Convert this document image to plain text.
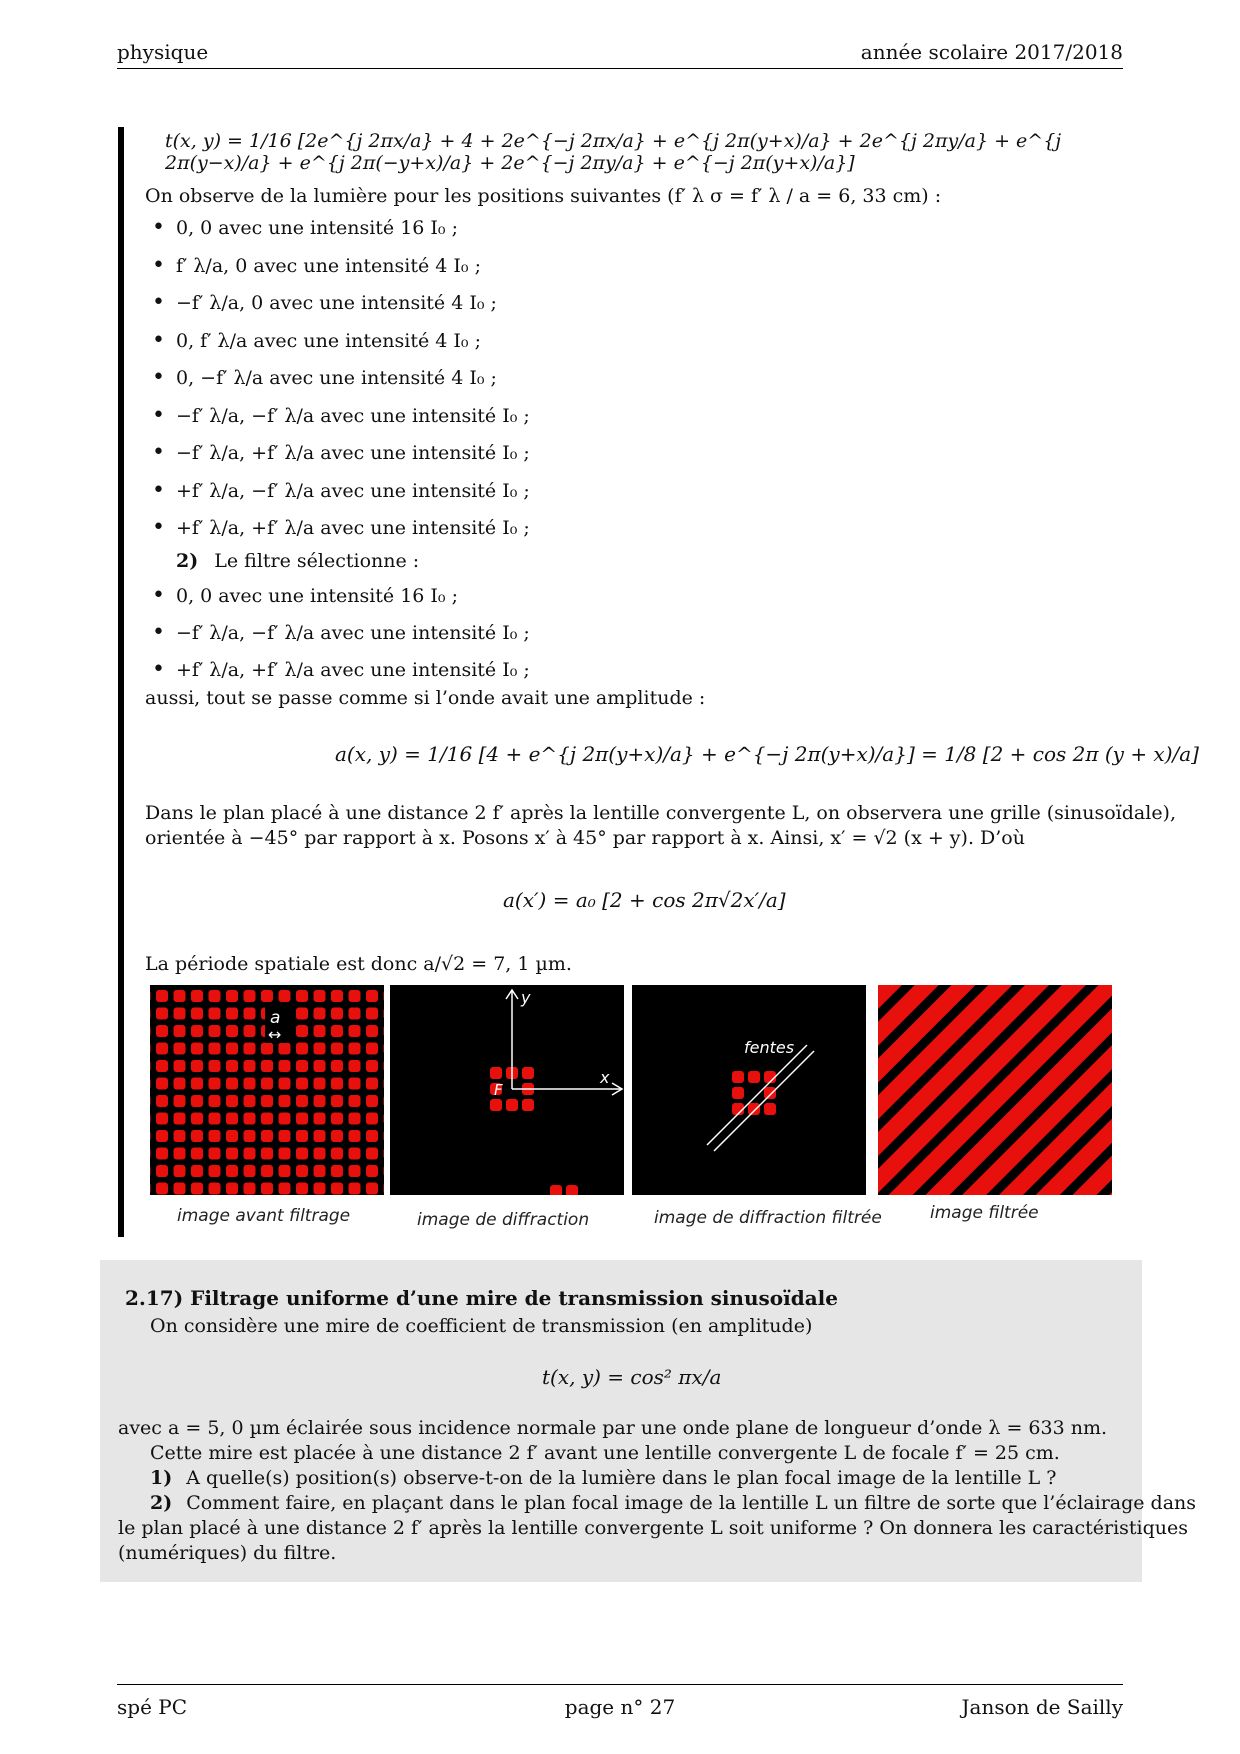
physique	année scolaire 2017/2018
t(x, y) = 1/16 [2e^{j 2πx/a} + 4 + 2e^{−j 2πx/a} + e^{j 2π(y+x)/a} + 2e^{j 2πy/a} + e^{j 2π(y−x)/a} + e^{j 2π(−y+x)/a} + 2e^{−j 2πy/a} + e^{−j 2π(y+x)/a}]
On observe de la lumière pour les positions suivantes (f′ λ σ = f′ λ / a = 6, 33 cm) :
• 0, 0 avec une intensité 16 I₀ ;
• f′ λ/a, 0 avec une intensité 4 I₀ ;
• −f′ λ/a, 0 avec une intensité 4 I₀ ;
• 0, f′ λ/a avec une intensité 4 I₀ ;
• 0, −f′ λ/a avec une intensité 4 I₀ ;
• −f′ λ/a, −f′ λ/a avec une intensité I₀ ;
• −f′ λ/a, +f′ λ/a avec une intensité I₀ ;
• +f′ λ/a, −f′ λ/a avec une intensité I₀ ;
• +f′ λ/a, +f′ λ/a avec une intensité I₀ ;
2) Le filtre sélectionne :
• 0, 0 avec une intensité 16 I₀ ;
• −f′ λ/a, −f′ λ/a avec une intensité I₀ ;
• +f′ λ/a, +f′ λ/a avec une intensité I₀ ;
aussi, tout se passe comme si l’onde avait une amplitude :
a(x, y) = 1/16 [4 + e^{j 2π(y+x)/a} + e^{−j 2π(y+x)/a}] = 1/8 [2 + cos 2π (y + x)/a]
Dans le plan placé à une distance 2 f′ après la lentille convergente L, on observera une grille (sinusoïdale),
orientée à −45° par rapport à x. Posons x′ à 45° par rapport à x. Ainsi, x′ = √2 (x + y). D’où
a(x′) = a₀ [2 + cos 2π√2x′/a]
La période spatiale est donc a/√2 = 7, 1 µm.
a
↔
y
x
F
fentes
image avant filtrage	image de diffraction	image de diffraction filtrée	image filtrée
2.17) Filtrage uniforme d’une mire de transmission sinusoïdale

On considère une mire de coefficient de transmission (en amplitude)

t(x, y) = cos² πx/a

avec a = 5, 0 µm éclairée sous incidence normale par une onde plane de longueur d’onde λ = 633 nm.

Cette mire est placée à une distance 2 f′ avant une lentille convergente L de focale f′ = 25 cm.

1) A quelle(s) position(s) observe-t-on de la lumière dans le plan focal image de la lentille L ?

2) Comment faire, en plaçant dans le plan focal image de la lentille L un filtre de sorte que l’éclairage dans

le plan placé à une distance 2 f′ après la lentille convergente L soit uniforme ? On donnera les caractéristiques

(numériques) du filtre.

spé PC	page n° 27	Janson de Sailly
